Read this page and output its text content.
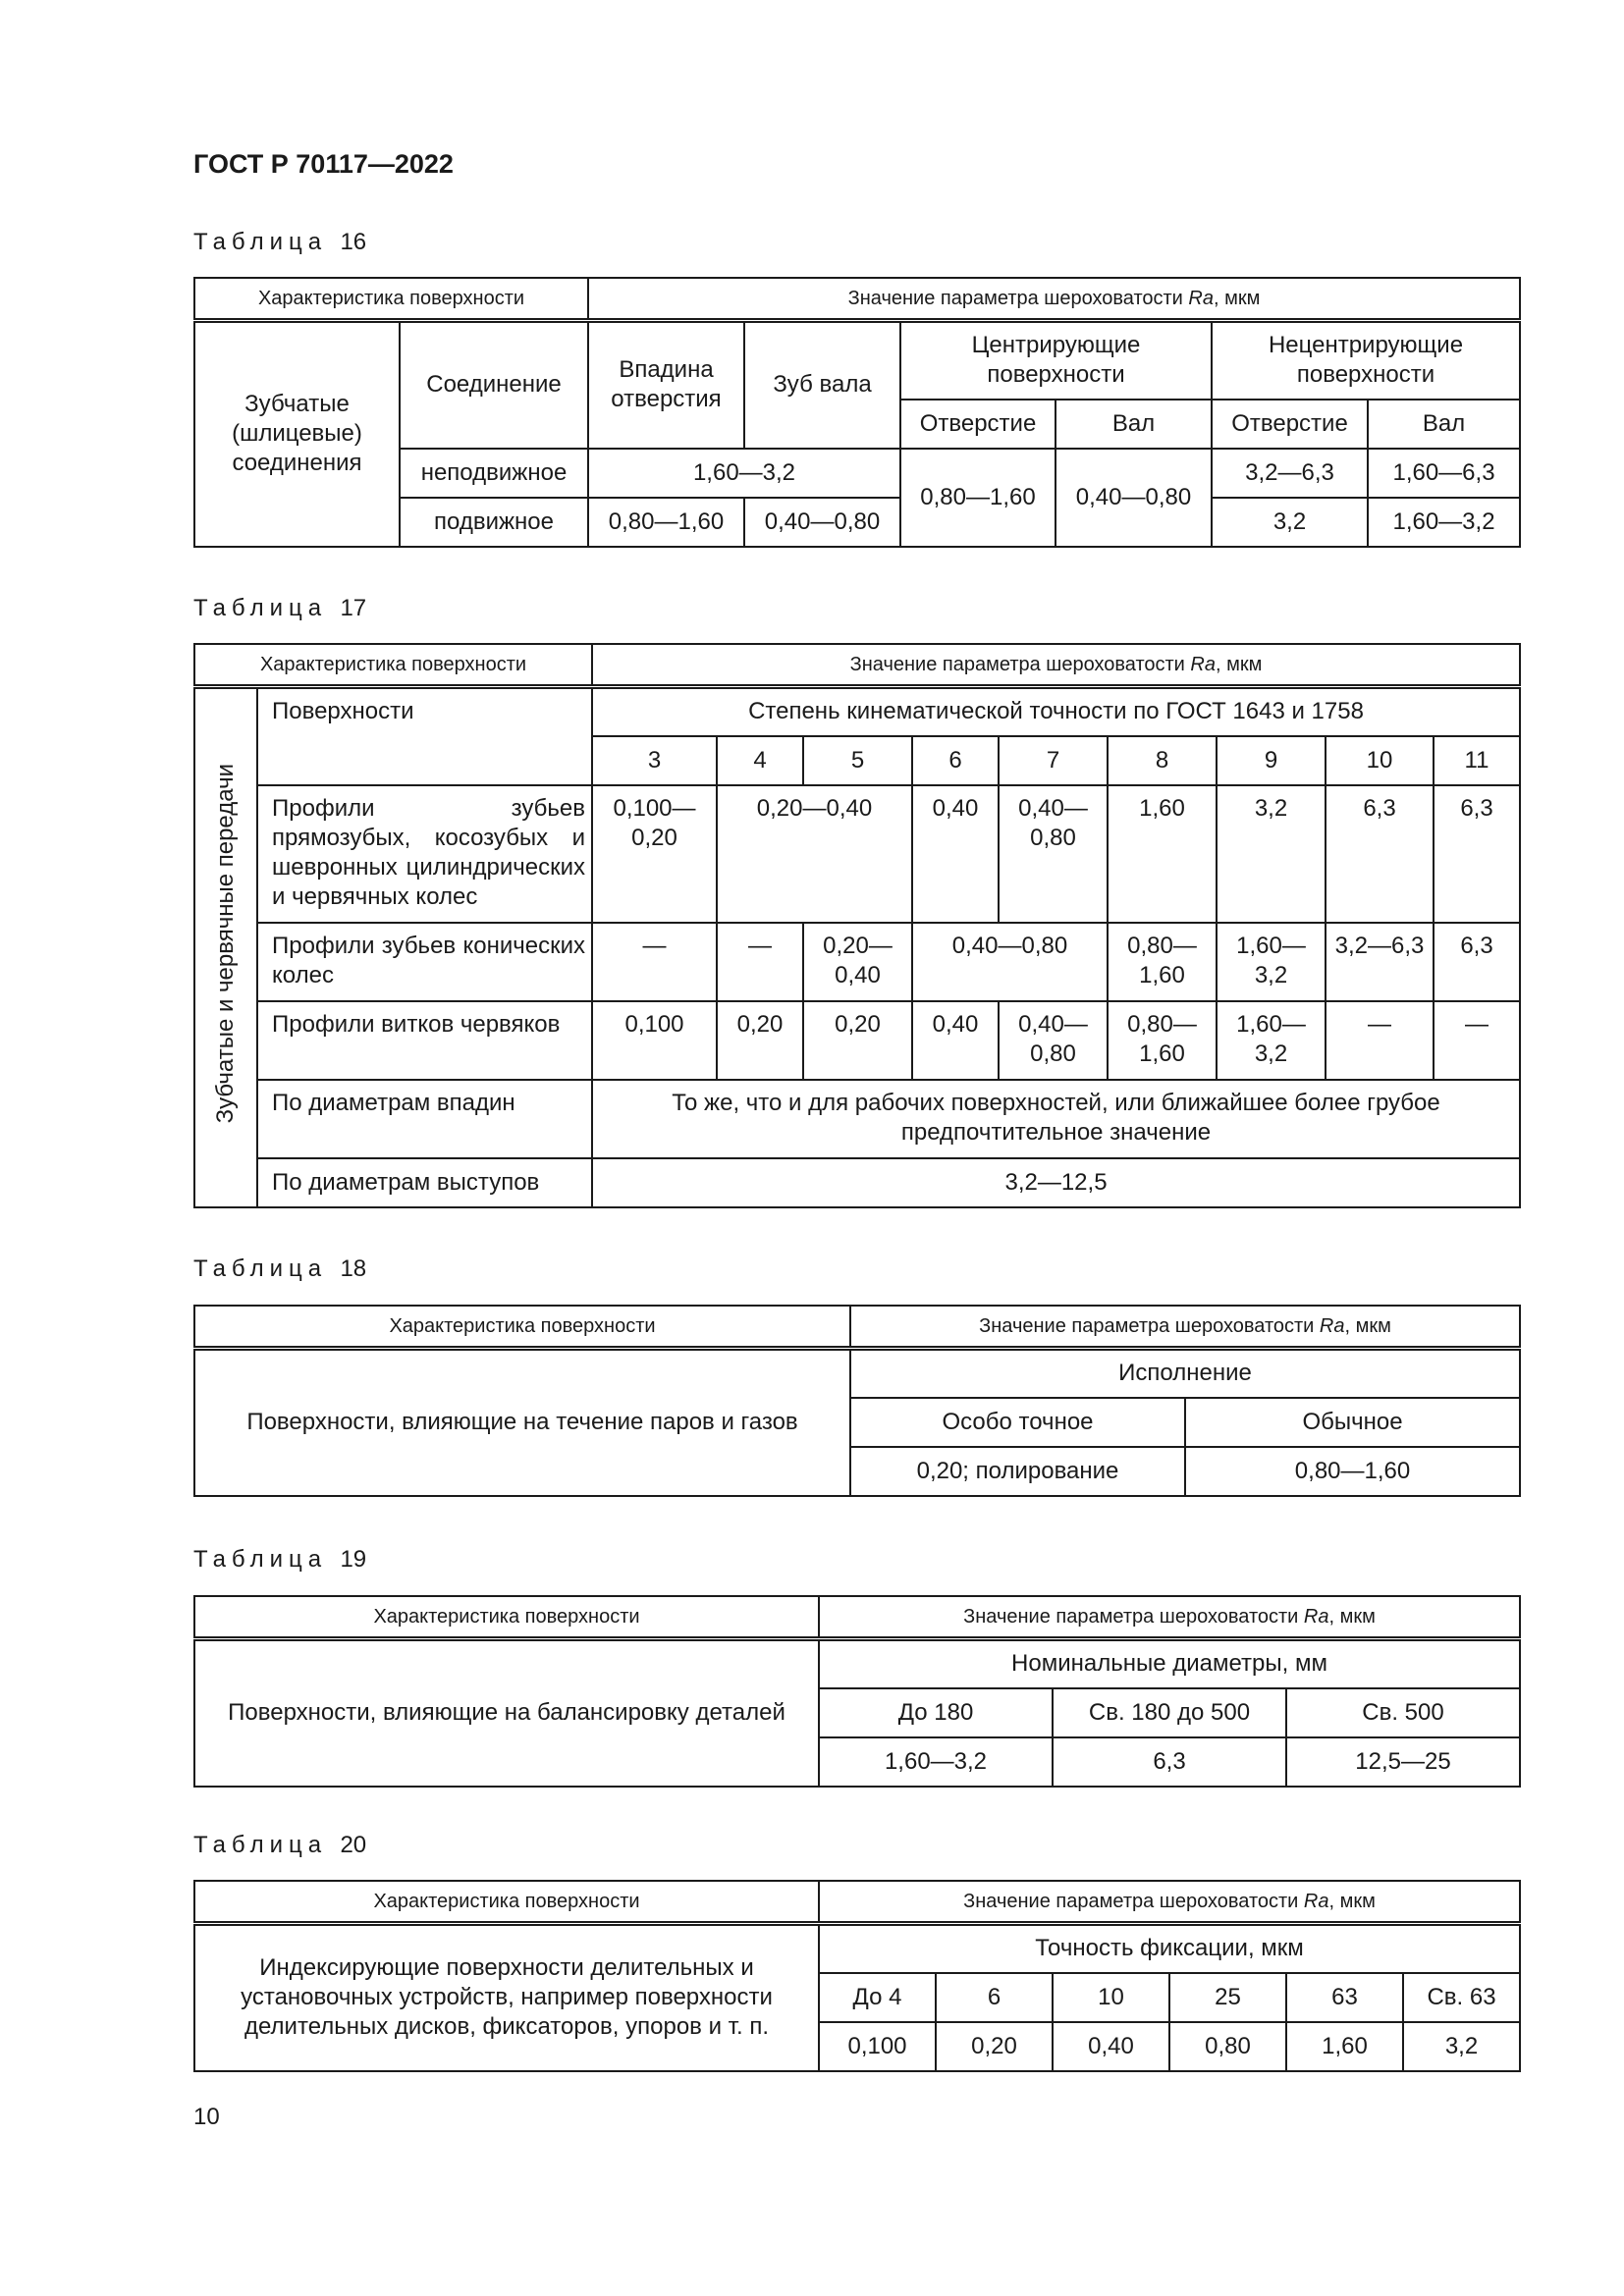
ГОСТ Р 70117—2022
Таблица 16
Характеристика поверхности		Значение параметра шероховатости Ra, мкм					
Зубчатые (шлицевые) соединения	Соединение	Впадина отверстия	Зуб вала	Центрирующие поверхности		Нецентрирующие поверхности	
				Отверстие	Вал	Отверстие	Вал
	неподвижное	1,60—3,2		0,80—1,60	0,40—0,80	3,2—6,3	1,60—6,3
	подвижное	0,80—1,60	0,40—0,80			3,2	1,60—3,2
Таблица 17
Характеристика поверхности		Значение параметра шероховатости Ra, мкм								
Зубчатые и червячные передачи	Поверхности	Степень кинематической точности по ГОСТ 1643 и 1758								
		3	4	5	6	7	8	9	10	11
	Профили зубьев прямозубых, косозубых и шевронных цилиндрических и червячных колес	0,100—0,20	0,20—0,40		0,40	0,40—0,80	1,60	3,2	6,3	6,3
	Профили зубьев конических колес	—	—	0,20—0,40	0,40—0,80		0,80—1,60	1,60—3,2	3,2—6,3	6,3
	Профили витков червяков	0,100	0,20	0,20	0,40	0,40—0,80	0,80—1,60	1,60—3,2	—	—
	По диаметрам впадин	То же, что и для рабочих поверхностей, или ближайшее более грубое предпочтительное значение								
	По диаметрам выступов	3,2—12,5								
Таблица 18
Характеристика поверхности	Значение параметра шероховатости Ra, мкм	
Поверхности, влияющие на течение паров и газов	Исполнение	
	Особо точное	Обычное
	0,20; полирование	0,80—1,60
Таблица 19
Характеристика поверхности	Значение параметра шероховатости Ra, мкм		
Поверхности, влияющие на балансировку деталей	Номинальные диаметры, мм		
	До 180	Св. 180 до 500	Св. 500
	1,60—3,2	6,3	12,5—25
Таблица 20
Характеристика поверхности	Значение параметра шероховатости Ra, мкм					
Индексирующие поверхности делительных и установочных устройств, например поверхности делительных дисков, фиксаторов, упоров и т. п.	Точность фиксации, мкм					
	До 4	6	10	25	63	Св. 63
	0,100	0,20	0,40	0,80	1,60	3,2
10
